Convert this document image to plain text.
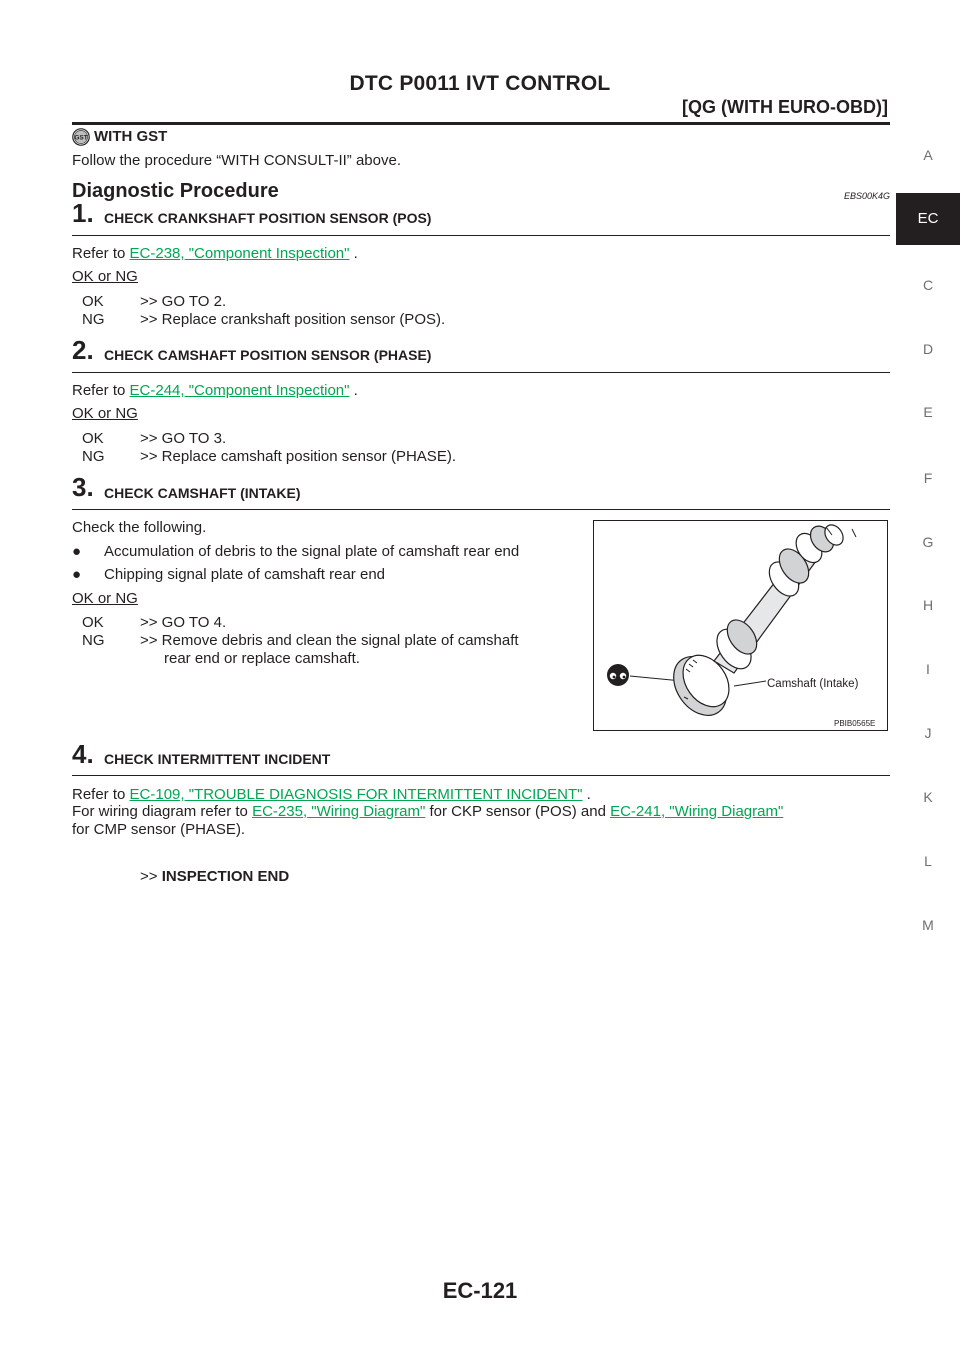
DTC P0011 IVT CONTROL
[QG (WITH EURO-OBD)]
A
EC
C
D
E
F
G
H
I
J
K
L
M
GST WITH GST
Follow the procedure “WITH CONSULT-II” above.
Diagnostic Procedure	EBS00K4G
1. CHECK CRANKSHAFT POSITION SENSOR (POS)
Refer to EC-238, "Component Inspection" .
OK or NG
OK >> GO TO 2.
NG >> Replace crankshaft position sensor (POS).
2. CHECK CAMSHAFT POSITION SENSOR (PHASE)
Refer to EC-244, "Component Inspection" .
OK or NG
OK >> GO TO 3.
NG >> Replace camshaft position sensor (PHASE).
3. CHECK CAMSHAFT (INTAKE)
Check the following.
● Accumulation of debris to the signal plate of camshaft rear end
● Chipping signal plate of camshaft rear end
OK or NG
OK >> GO TO 4.
NG >> Remove debris and clean the signal plate of camshaft
rear end or replace camshaft.
Camshaft (Intake)
PBIB0565E
4. CHECK INTERMITTENT INCIDENT
Refer to EC-109, "TROUBLE DIAGNOSIS FOR INTERMITTENT INCIDENT" .
For wiring diagram refer to EC-235, "Wiring Diagram" for CKP sensor (POS) and EC-241, "Wiring Diagram"
for CMP sensor (PHASE).
>> INSPECTION END
EC-121
